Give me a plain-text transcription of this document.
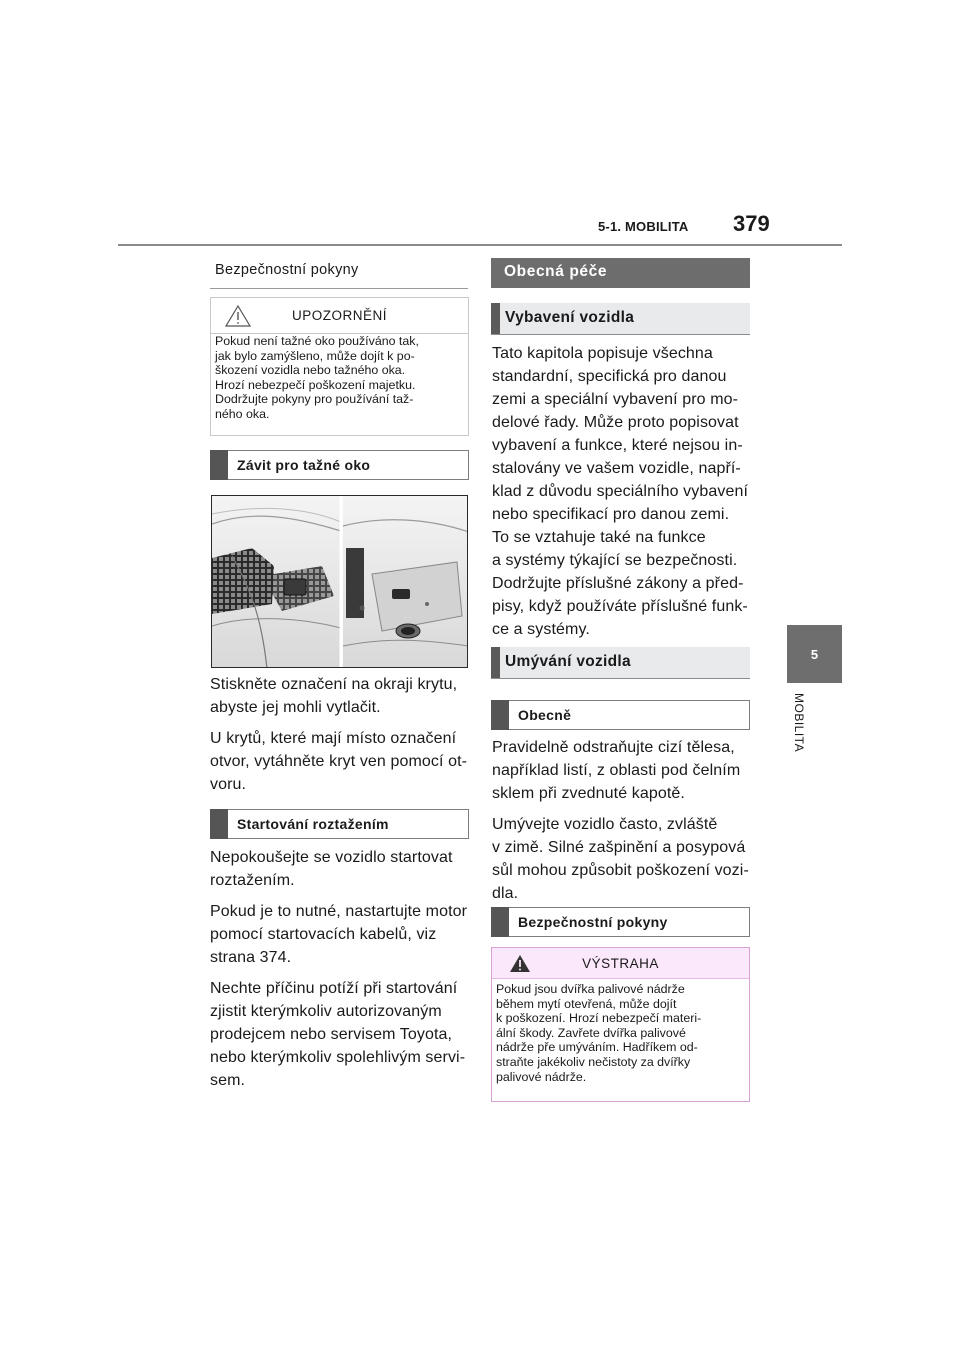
5-1. MOBILITA 379
5
MOBILITA
Bezpečnostní pokyny
UPOZORNĚNÍ
Pokud není tažné oko používáno tak,
jak bylo zamýšleno, může dojít k po-
škození vozidla nebo tažného oka.
Hrozí nebezpečí poškození majetku.
Dodržujte pokyny pro používání taž-
ného oka.
Závit pro tažné oko
Stiskněte označení na okraji krytu,
abyste jej mohli vytlačit.
U krytů, které mají místo označení
otvor, vytáhněte kryt ven pomocí ot-
voru.
Startování roztažením
Nepokoušejte se vozidlo startovat
roztažením.
Pokud je to nutné, nastartujte motor
pomocí startovacích kabelů, viz
strana 374.
Nechte příčinu potíží při startování
zjistit kterýmkoliv autorizovaným
prodejcem nebo servisem Toyota,
nebo kterýmkoliv spolehlivým servi-
sem.
Obecná péče
Vybavení vozidla
Tato kapitola popisuje všechna
standardní, specifická pro danou
zemi a speciální vybavení pro mo-
delové řady. Může proto popisovat
vybavení a funkce, které nejsou in-
stalovány ve vašem vozidle, napří-
klad z důvodu speciálního vybavení
nebo specifikací pro danou zemi.
To se vztahuje také na funkce
a systémy týkající se bezpečnosti.
Dodržujte příslušné zákony a před-
pisy, když používáte příslušné funk-
ce a systémy.
Umývání vozidla
Obecně
Pravidelně odstraňujte cizí tělesa,
například listí, z oblasti pod čelním
sklem při zvednuté kapotě.
Umývejte vozidlo často, zvláště
v zimě. Silné zašpinění a posypová
sůl mohou způsobit poškození vozi-
dla.
Bezpečnostní pokyny
VÝSTRAHA
Pokud jsou dvířka palivové nádrže
během mytí otevřená, může dojít
k poškození. Hrozí nebezpečí materi-
ální škody. Zavřete dvířka palivové
nádrže pře umýváním. Hadříkem od-
straňte jakékoliv nečistoty za dvířky
palivové nádrže.
